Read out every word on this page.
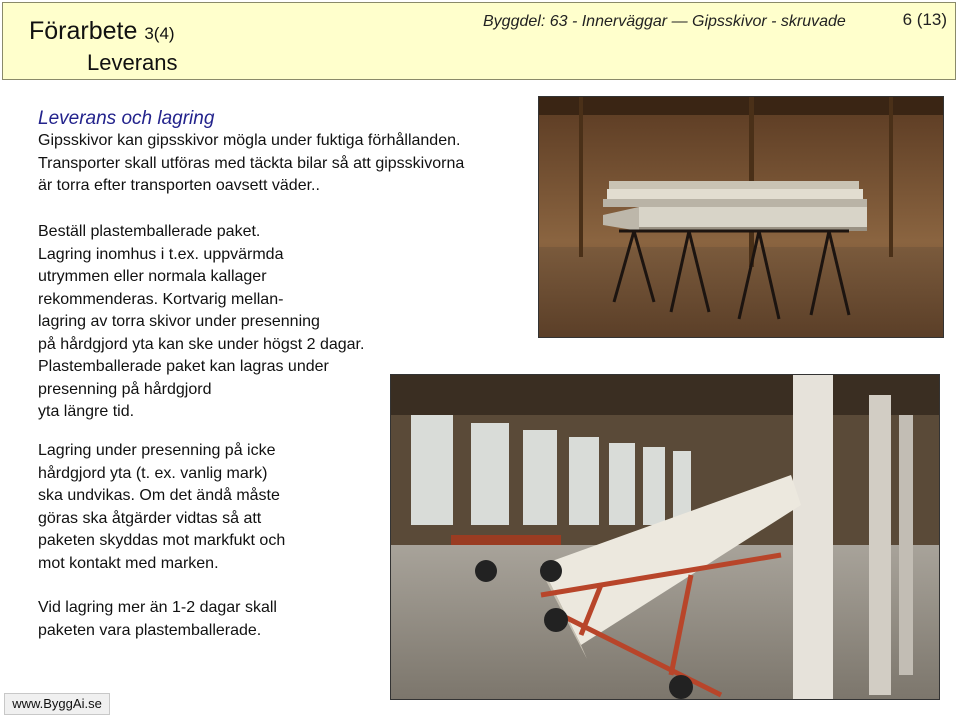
Förarbete 3(4)
Leverans
Byggdel: 63 - Innerväggar — Gipsskivor - skruvade	6 (13)
Leverans och lagring

Gipsskivor kan gipsskivor mögla under fuktiga förhållanden.

Transporter skall utföras med täckta bilar så att gipsskivorna

är torra efter transporten oavsett väder..

Beställ plastemballerade paket.

Lagring inomhus i t.ex. uppvärmda

utrymmen eller normala kallager

rekommenderas. Kortvarig mellan-

lagring av torra skivor under presenning

på hårdgjord yta kan ske under högst 2 dagar.

Plastemballerade paket kan lagras under

presenning på hårdgjord

yta längre tid.

Lagring under presenning på icke

hårdgjord yta (t. ex. vanlig mark)

ska undvikas. Om det ändå måste

göras ska åtgärder vidtas så att

paketen skyddas mot markfukt och

mot kontakt med marken.

Vid lagring mer än 1-2 dagar skall

paketen vara plastemballerade.

www.ByggAi.se
